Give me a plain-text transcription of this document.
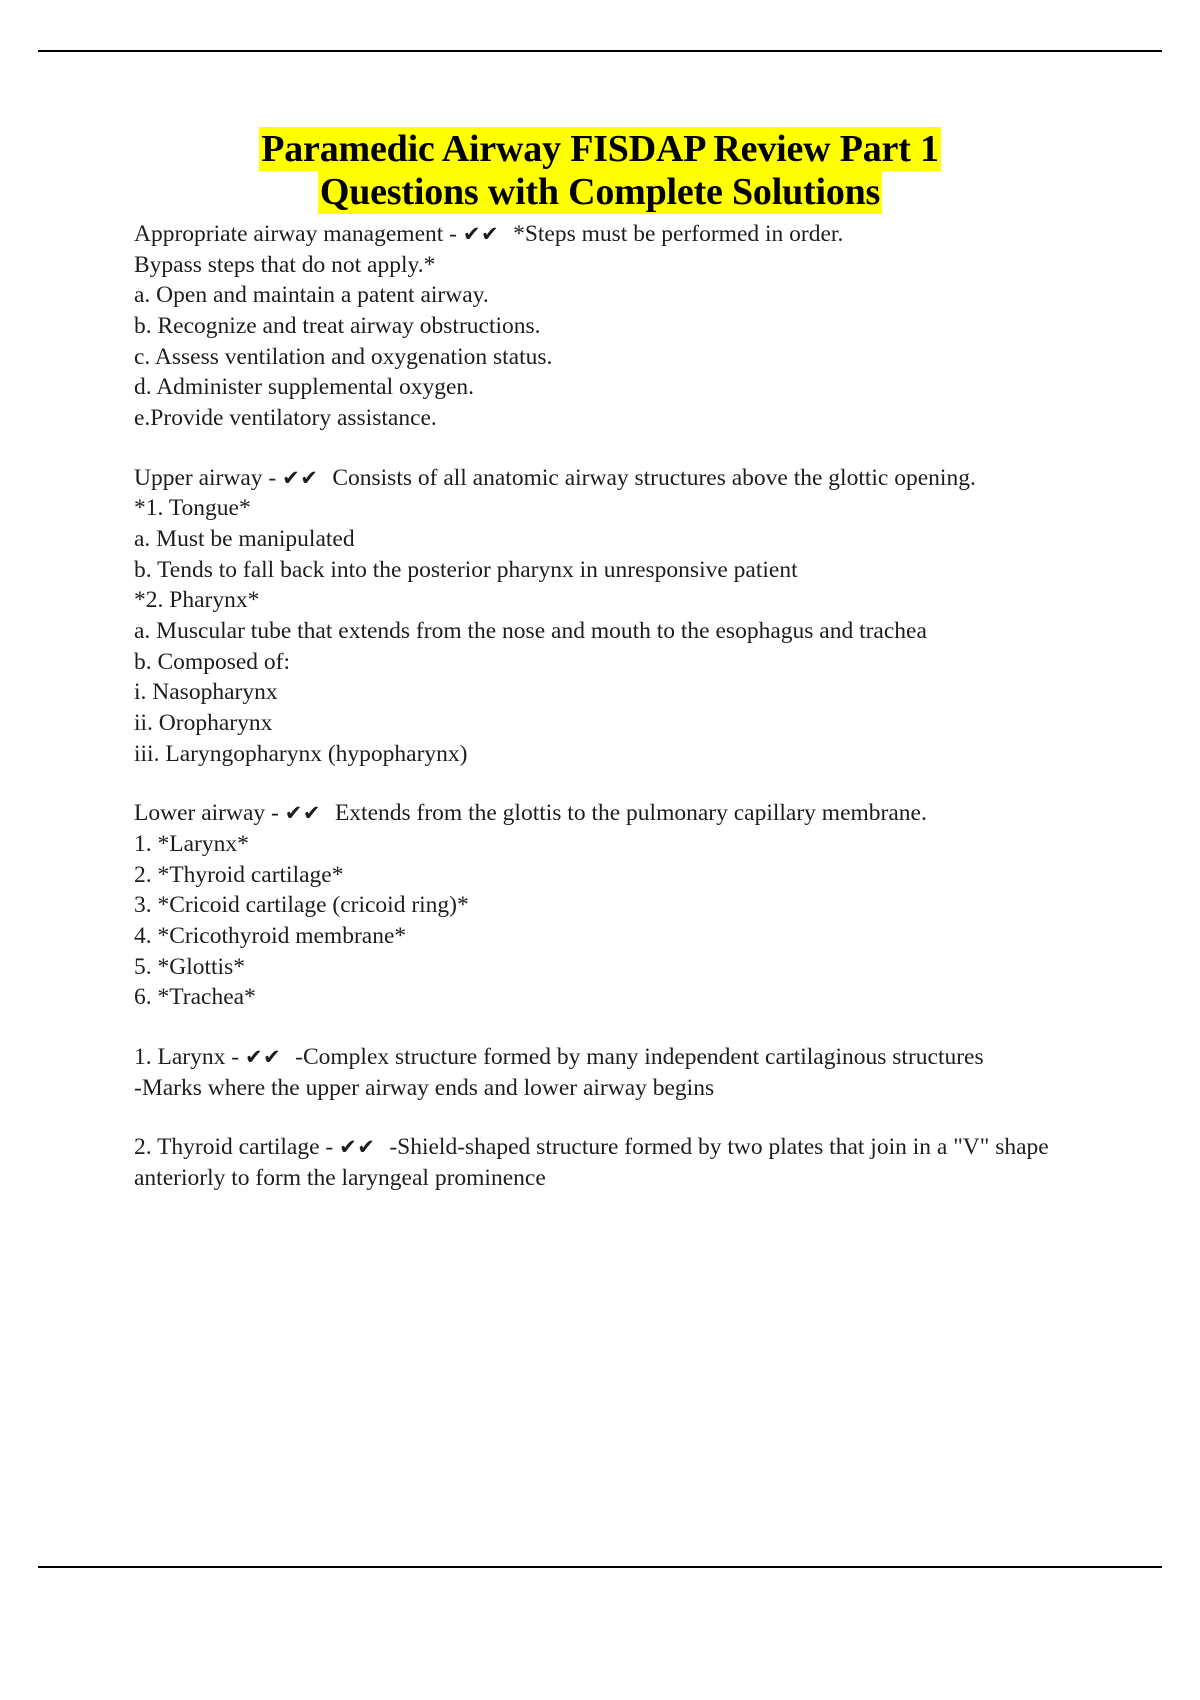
Paramedic Airway FISDAP Review Part 1
Questions with Complete Solutions

Appropriate airway management - ✔✔ *Steps must be performed in order.
Bypass steps that do not apply.*
a. Open and maintain a patent airway.
b. Recognize and treat airway obstructions.
c. Assess ventilation and oxygenation status.
d. Administer supplemental oxygen.
e.Provide ventilatory assistance.

Upper airway - ✔✔ Consists of all anatomic airway structures above the glottic opening.
*1. Tongue*
a. Must be manipulated
b. Tends to fall back into the posterior pharynx in unresponsive patient
*2. Pharynx*
a. Muscular tube that extends from the nose and mouth to the esophagus and trachea
b. Composed of:
i. Nasopharynx
ii. Oropharynx
iii. Laryngopharynx (hypopharynx)

Lower airway - ✔✔ Extends from the glottis to the pulmonary capillary membrane.
1. *Larynx*
2. *Thyroid cartilage*
3. *Cricoid cartilage (cricoid ring)*
4. *Cricothyroid membrane*
5. *Glottis*
6. *Trachea*

1. Larynx - ✔✔ -Complex structure formed by many independent cartilaginous structures
-Marks where the upper airway ends and lower airway begins

2. Thyroid cartilage - ✔✔ -Shield-shaped structure formed by two plates that join in a "V" shape anteriorly to form the laryngeal prominence
